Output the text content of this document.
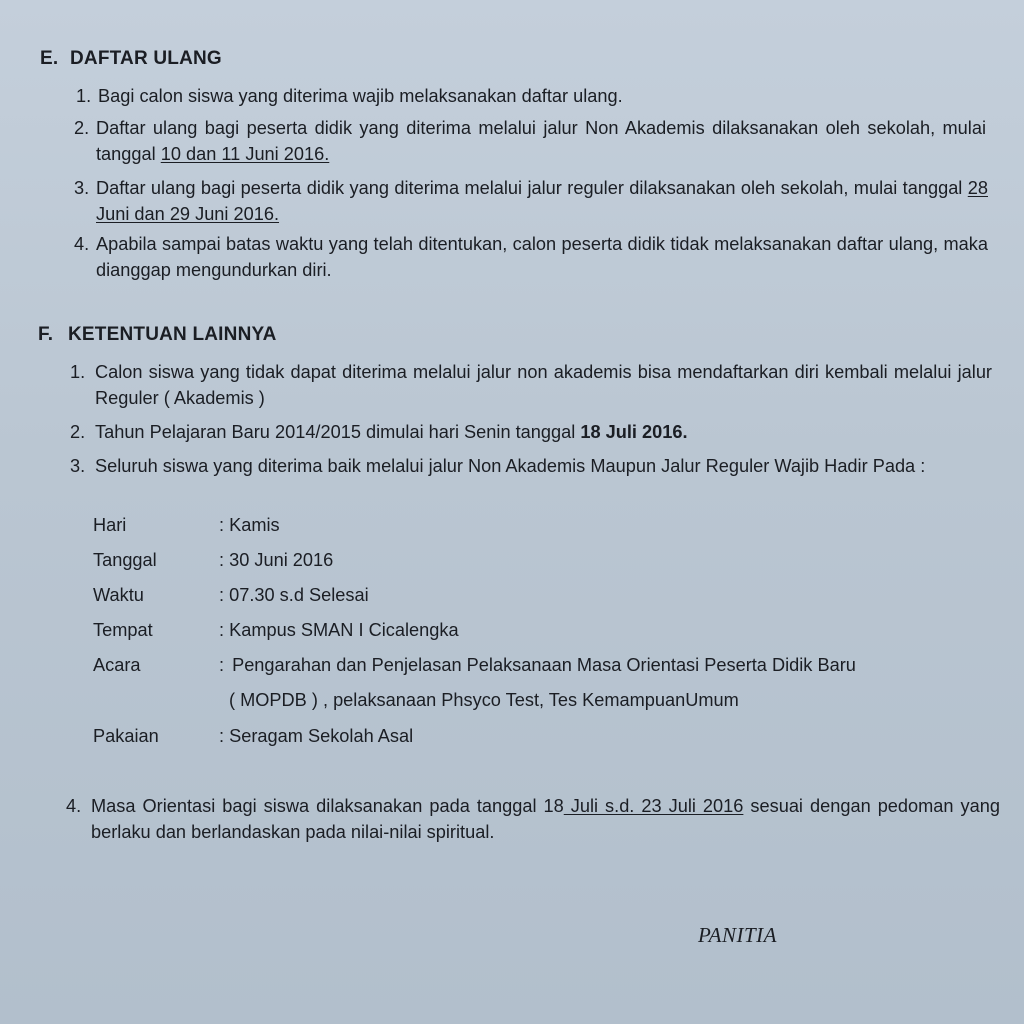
E. DAFTAR ULANG
1. Bagi calon siswa yang diterima wajib melaksanakan daftar ulang.
2. Daftar ulang bagi peserta didik yang diterima melalui jalur Non Akademis dilaksanakan oleh sekolah, mulai tanggal 10 dan 11 Juni 2016.
3. Daftar ulang bagi peserta didik yang diterima melalui jalur reguler dilaksanakan oleh sekolah, mulai tanggal 28 Juni dan 29 Juni 2016.
4. Apabila sampai batas waktu yang telah ditentukan, calon peserta didik tidak melaksanakan daftar ulang, maka dianggap mengundurkan diri.
F. KETENTUAN LAINNYA
1. Calon siswa yang tidak dapat diterima melalui jalur non akademis bisa mendaftarkan diri kembali melalui jalur Reguler ( Akademis )
2. Tahun Pelajaran Baru 2014/2015 dimulai hari Senin tanggal 18 Juli 2016.
3. Seluruh siswa yang diterima baik melalui jalur Non Akademis Maupun Jalur Reguler Wajib Hadir Pada :
Hari	: Kamis
Tanggal	: 30 Juni 2016
Waktu	: 07.30 s.d Selesai
Tempat	: Kampus SMAN I Cicalengka
Acara	: Pengarahan dan Penjelasan Pelaksanaan Masa Orientasi Peserta Didik Baru
( MOPDB ) , pelaksanaan Phsyco Test, Tes KemampuanUmum
Pakaian	: Seragam Sekolah Asal
4. Masa Orientasi bagi siswa dilaksanakan pada tanggal 18 Juli s.d. 23 Juli 2016 sesuai dengan pedoman yang berlaku dan berlandaskan pada nilai-nilai spiritual.
PANITIA
